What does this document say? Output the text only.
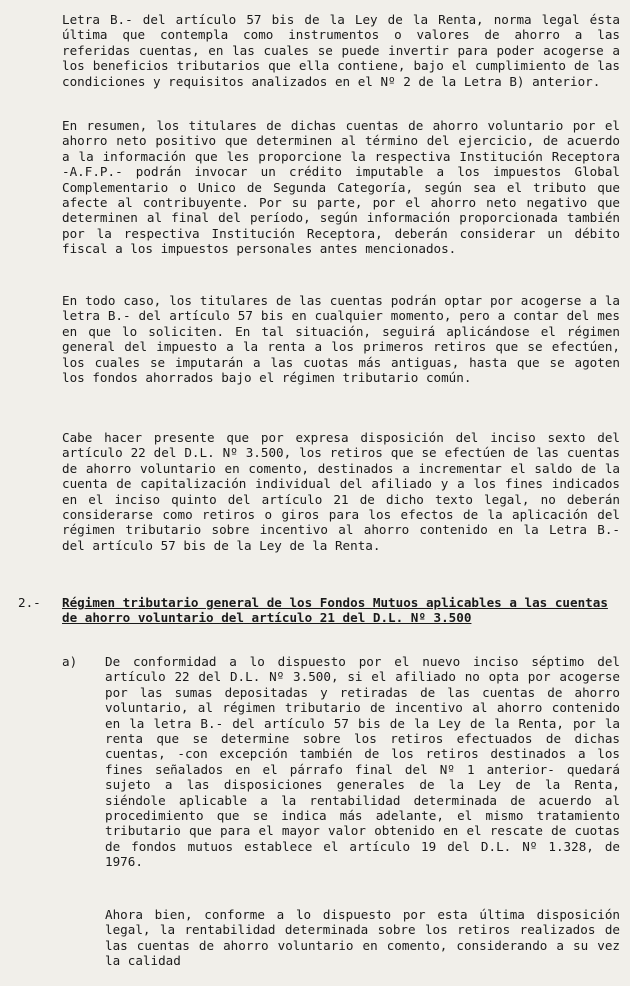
Letra B.- del artículo 57 bis de la Ley de la Renta, norma legal ésta última que contempla como instrumentos o valores de ahorro a las referidas cuentas, en las cuales se puede invertir para poder acogerse a los beneficios tributarios que ella contiene, bajo el cumplimiento de las condiciones y requisitos analizados en el Nº 2 de la Letra B) anterior.

En resumen, los titulares de dichas cuentas de ahorro voluntario por el ahorro neto positivo que determinen al término del ejercicio, de acuerdo a la información que les proporcione la respectiva Institución Receptora -A.F.P.- podrán invocar un crédito imputable a los impuestos Global Complementario o Unico de Segunda Categoría, según sea el tributo que afecte al contribuyente. Por su parte, por el ahorro neto negativo que determinen al final del período, según información proporcionada también por la respectiva Institución Receptora, deberán considerar un débito fiscal a los impuestos personales antes mencionados.

En todo caso, los titulares de las cuentas podrán optar por acogerse a la letra B.- del artículo 57 bis en cualquier momento, pero a contar del mes en que lo soliciten. En tal situación, seguirá aplicándose el régimen general del impuesto a la renta a los primeros retiros que se efectúen, los cuales se imputarán a las cuotas más antiguas, hasta que se agoten los fondos ahorrados bajo el régimen tributario común.

Cabe hacer presente que por expresa disposición del inciso sexto del artículo 22 del D.L. Nº 3.500, los retiros que se efectúen de las cuentas de ahorro voluntario en comento, destinados a incrementar el saldo de la cuenta de capitalización individual del afiliado y a los fines indicados en el inciso quinto del artículo 21 de dicho texto legal, no deberán considerarse como retiros o giros para los efectos de la aplicación del régimen tributario sobre incentivo al ahorro contenido en la Letra B.- del artículo 57 bis de la Ley de la Renta.

2.- Régimen tributario general de los Fondos Mutuos aplicables a las cuentas de ahorro voluntario del artículo 21 del D.L. Nº 3.500

a) De conformidad a lo dispuesto por el nuevo inciso séptimo del artículo 22 del D.L. Nº 3.500, si el afiliado no opta por acogerse por las sumas depositadas y retiradas de las cuentas de ahorro voluntario, al régimen tributario de incentivo al ahorro contenido en la letra B.- del artículo 57 bis de la Ley de la Renta, por la renta que se determine sobre los retiros efectuados de dichas cuentas, -con excepción también de los retiros destinados a los fines señalados en el párrafo final del Nº 1 anterior- quedará sujeto a las disposiciones generales de la Ley de la Renta, siéndole aplicable a la rentabilidad determinada de acuerdo al procedimiento que se indica más adelante, el mismo tratamiento tributario que para el mayor valor obtenido en el rescate de cuotas de fondos mutuos establece el artículo 19 del D.L. Nº 1.328, de 1976.

Ahora bien, conforme a lo dispuesto por esta última disposición legal, la rentabilidad determinada sobre los retiros realizados de las cuentas de ahorro voluntario en comento, considerando a su vez la calidad
